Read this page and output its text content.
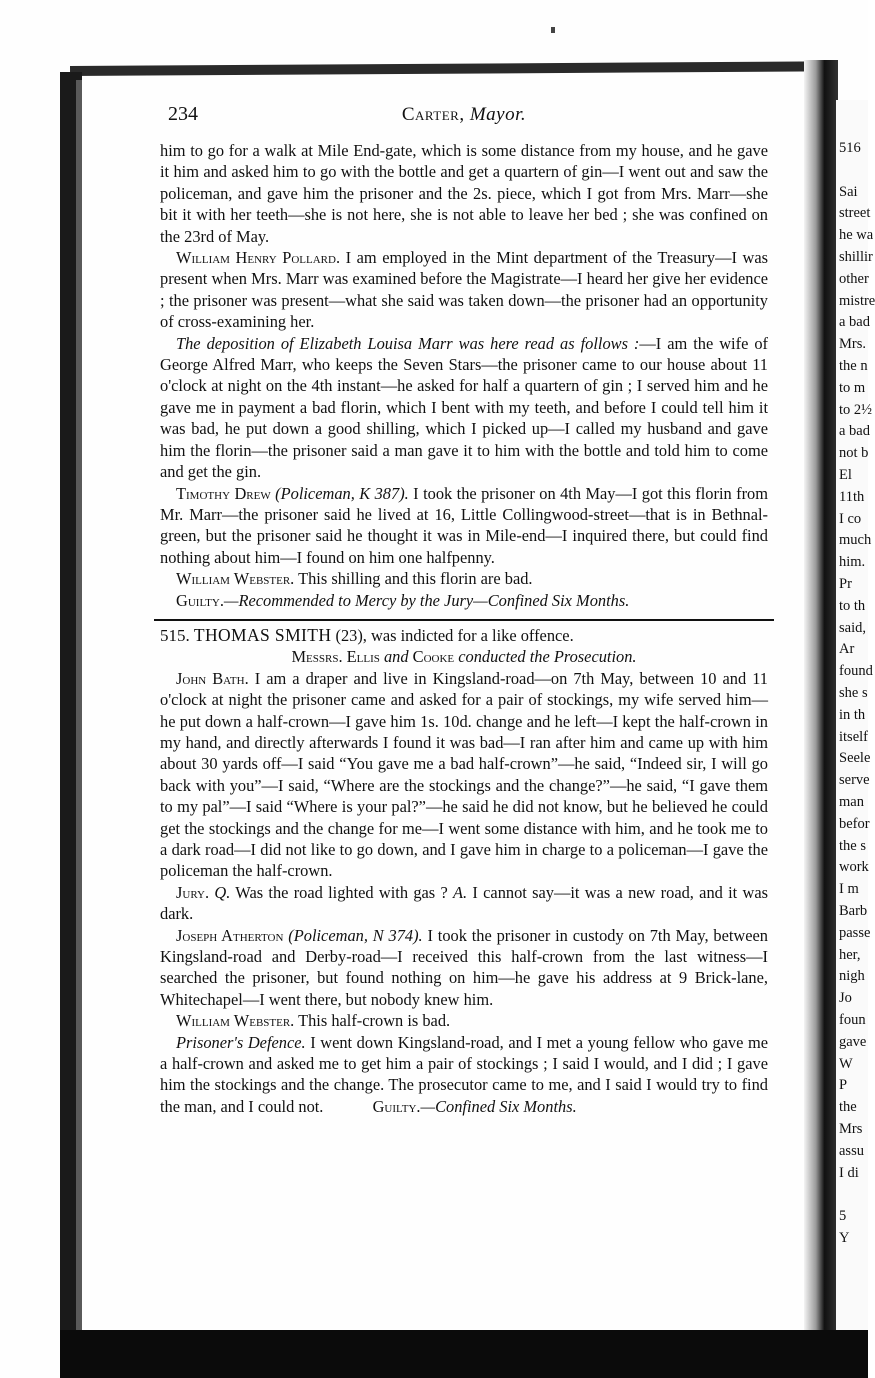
516
Sai
street
he wa
shillir
other
mistre
a bad
Mrs.
the n
to m
to 2½
a bad
not b
El
11th
I co
much
him.
Pr
to th
said,
Ar
found
she s
in th
itself
Seele
serve
man
befor
the s
work
I m
Barb
passe
her,
nigh
Jo
foun
gave
W
P
the
Mrs
assu
I di
5
Y
234	Carter, Mayor.

him to go for a walk at Mile End-gate, which is some distance from my house, and he gave it him and asked him to go with the bottle and get a quartern of gin—I went out and saw the policeman, and gave him the prisoner and the 2s. piece, which I got from Mrs. Marr—she bit it with her teeth—she is not here, she is not able to leave her bed ; she was confined on the 23rd of May.

William Henry Pollard. I am employed in the Mint department of the Treasury—I was present when Mrs. Marr was examined before the Magistrate—I heard her give her evidence ; the prisoner was present—what she said was taken down—the prisoner had an opportunity of cross-examining her.

The deposition of Elizabeth Louisa Marr was here read as follows :—I am the wife of George Alfred Marr, who keeps the Seven Stars—the prisoner came to our house about 11 o'clock at night on the 4th instant—he asked for half a quartern of gin ; I served him and he gave me in payment a bad florin, which I bent with my teeth, and before I could tell him it was bad, he put down a good shilling, which I picked up—I called my husband and gave him the florin—the prisoner said a man gave it to him with the bottle and told him to come and get the gin.

Timothy Drew (Policeman, K 387). I took the prisoner on 4th May—I got this florin from Mr. Marr—the prisoner said he lived at 16, Little Collingwood-street—that is in Bethnal-green, but the prisoner said he thought it was in Mile-end—I inquired there, but could find nothing about him—I found on him one halfpenny.

William Webster. This shilling and this florin are bad.

Guilty.—Recommended to Mercy by the Jury—Confined Six Months.

515. THOMAS SMITH (23), was indicted for a like offence.

Messrs. Ellis and Cooke conducted the Prosecution.

John Bath. I am a draper and live in Kingsland-road—on 7th May, between 10 and 11 o'clock at night the prisoner came and asked for a pair of stockings, my wife served him—he put down a half-crown—I gave him 1s. 10d. change and he left—I kept the half-crown in my hand, and directly afterwards I found it was bad—I ran after him and came up with him about 30 yards off—I said “You gave me a bad half-crown”—he said, “Indeed sir, I will go back with you”—I said, “Where are the stockings and the change?”—he said, “I gave them to my pal”—I said “Where is your pal?”—he said he did not know, but he believed he could get the stockings and the change for me—I went some distance with him, and he took me to a dark road—I did not like to go down, and I gave him in charge to a policeman—I gave the policeman the half-crown.

Jury. Q. Was the road lighted with gas ? A. I cannot say—it was a new road, and it was dark.

Joseph Atherton (Policeman, N 374). I took the prisoner in custody on 7th May, between Kingsland-road and Derby-road—I received this half-crown from the last witness—I searched the prisoner, but found nothing on him—he gave his address at 9 Brick-lane, Whitechapel—I went there, but nobody knew him.

William Webster. This half-crown is bad.

Prisoner's Defence. I went down Kingsland-road, and I met a young fellow who gave me a half-crown and asked me to get him a pair of stockings ; I said I would, and I did ; I gave him the stockings and the change. The prosecutor came to me, and I said I would try to find the man, and I could not.	Guilty.—Confined Six Months.
